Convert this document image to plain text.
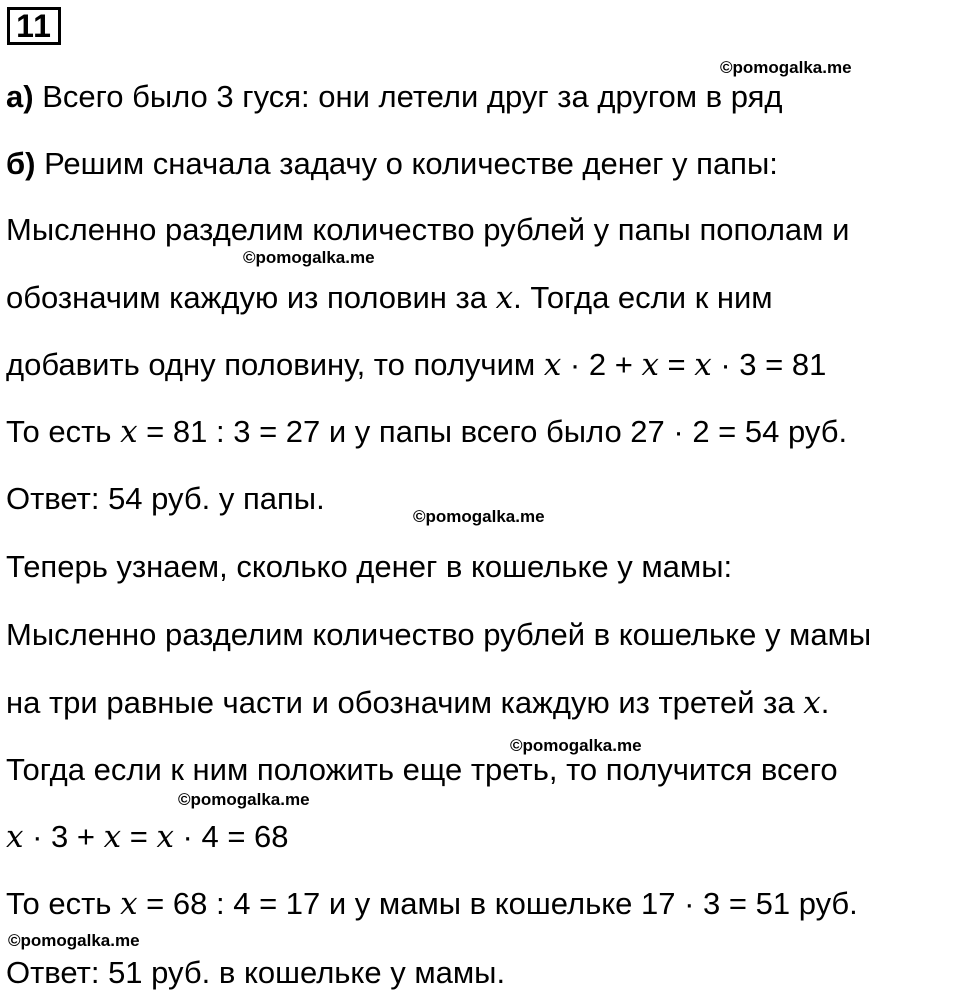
11
©pomogalka.me
а) Всего было 3 гуся: они летели друг за другом в ряд
б) Решим сначала задачу о количестве денег у папы:
Мысленно разделим количество рублей у папы пополам и
©pomogalka.me
обозначим каждую из половин за 𝑥. Тогда если к ним
добавить одну половину, то получим 𝑥 · 2 + 𝑥 = 𝑥 · 3 = 81
То есть 𝑥 = 81 : 3 = 27 и у папы всего было 27 · 2 = 54 руб.
Ответ: 54 руб. у папы.
©pomogalka.me
Теперь узнаем, сколько денег в кошельке у мамы:
Мысленно разделим количество рублей в кошельке у мамы
на три равные части и обозначим каждую из третей за 𝑥.
©pomogalka.me
Тогда если к ним положить еще треть, то получится всего
©pomogalka.me
𝑥 · 3 + 𝑥 = 𝑥 · 4 = 68
То есть 𝑥 = 68 : 4 = 17 и у мамы в кошельке 17 · 3 = 51 руб.
©pomogalka.me
Ответ: 51 руб. в кошельке у мамы.
